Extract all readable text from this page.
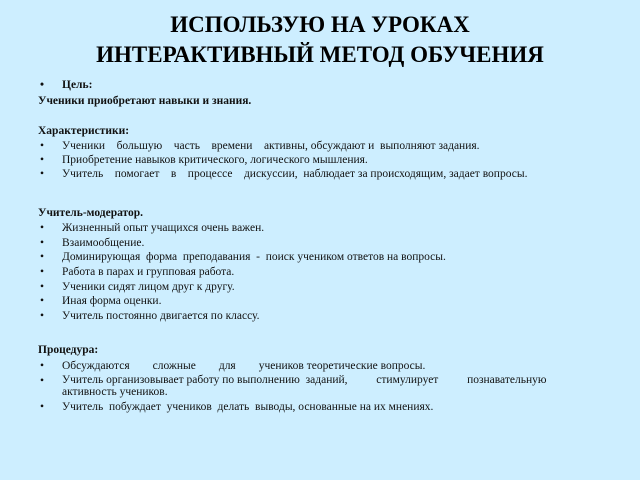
ИСПОЛЬЗУЮ НА УРОКАХ
ИНТЕРАКТИВНЫЙ МЕТОД ОБУЧЕНИЯ
• Цель:
Ученики приобретают навыки и знания.
Характеристики:
• Ученики    большую    часть    времени    активны, обсуждают и  выполняют задания.
• Приобретение навыков критического, логического мышления.
• Учитель    помогает    в    процессе    дискуссии,  наблюдает за происходящим, задает вопросы.
Учитель-модератор.
• Жизненный опыт учащихся очень важен.
• Взаимообщение.
• Доминирующая  форма  преподавания  -  поиск учеником ответов на вопросы.
• Работа в парах и групповая работа.
• Ученики сидят лицом друг к другу.
• Иная форма оценки.
• Учитель постоянно двигается по классу.
Процедура:
• Обсуждаются        сложные        для        учеников теоретические вопросы.
• Учитель организовывает работу по выполнению  заданий,          стимулирует          познавательную
активность учеников.
• Учитель  побуждает  учеников  делать  выводы, основанные на их мнениях.
